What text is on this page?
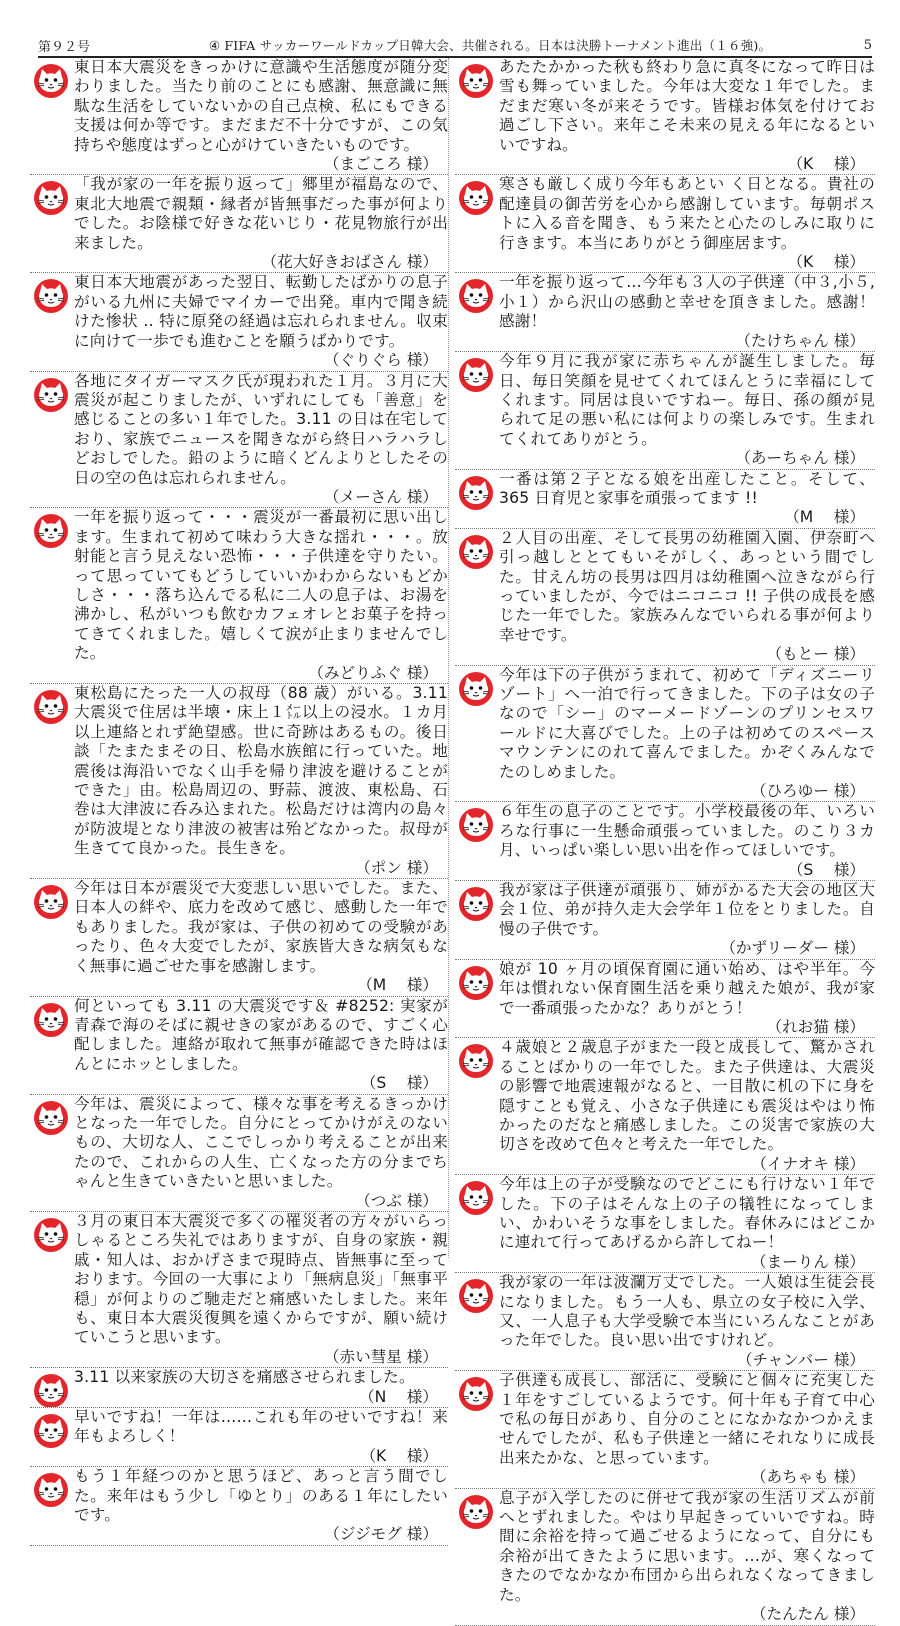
第９２号	④ FIFA サッカーワールドカップ日韓大会、共催される。日本は決勝トーナメント進出（１６強)。	5

東日本大震災をきっかけに意識や生活態度が随分変わりました。当たり前のことにも感謝、無意識に無駄な生活をしていないかの自己点検、私にもできる支援は何か等です。まだまだ不十分ですが、この気持ちや態度はずっと心がけていきたいものです。

（まごころ 様）

「我が家の一年を振り返って」郷里が福島なので、東北大地震で親類・縁者が皆無事だった事が何よりでした。お陰様で好きな花いじり・花見物旅行が出来ました。

（花大好きおばさん 様）

東日本大地震があった翌日、転勤したばかりの息子がいる九州に夫婦でマイカーで出発。車内で聞き続けた惨状 .. 特に原発の経過は忘れられません。収束に向けて一歩でも進むことを願うばかりです。

（ぐりぐら 様）

各地にタイガーマスク氏が現われた１月。３月に大震災が起こりましたが、いずれにしても「善意」を感じることの多い１年でした。3.11 の日は在宅しており、家族でニュースを聞きながら終日ハラハラしどおしでした。鉛のように暗くどんよりとしたその日の空の色は忘れられません。

（メーさん 様）

一年を振り返って・・・震災が一番最初に思い出します。生まれて初めて味わう大きな揺れ・・・。放射能と言う見えない恐怖・・・子供達を守りたい。って思っていてもどうしていいかわからないもどかしさ・・・落ち込んでる私に二人の息子は、お湯を沸かし、私がいつも飲むカフェオレとお菓子を持ってきてくれました。嬉しくて涙が止まりませんでした。

（みどりふぐ 様）

東松島にたった一人の叔母（88 歳）がいる。3.11 大震災で住居は半壊・床上１㍍以上の浸水。１カ月以上連絡とれず絶望感。世に奇跡はあるもの。後日談「たまたまその日、松島水族館に行っていた。地震後は海沿いでなく山手を帰り津波を避けることができた」由。松島周辺の、野蒜、渡波、東松島、石巻は大津波に呑み込まれた。松島だけは湾内の島々が防波堤となり津波の被害は殆どなかった。叔母が生きてて良かった。長生きを。

（ポン 様）

今年は日本が震災で大変悲しい思いでした。また、日本人の絆や、底力を改めて感じ、感動した一年でもありました。我が家は、子供の初めての受験があったり、色々大変でしたが、家族皆大きな病気もなく無事に過ごせた事を感謝します。

（M　 様）

何といっても 3.11 の大震災です＆ #8252: 実家が青森で海のそばに親せきの家があるので、すごく心配しました。連絡が取れて無事が確認できた時はほんとにホッとしました。

（S　 様）

今年は、震災によって、様々な事を考えるきっかけとなった一年でした。自分にとってかけがえのないもの、大切な人、ここでしっかり考えることが出来たので、これからの人生、亡くなった方の分までちゃんと生きていきたいと思いました。

（つぶ 様）

３月の東日本大震災で多くの罹災者の方々がいらっしゃるところ失礼ではありますが、自身の家族・親戚・知人は、おかげさまで現時点、皆無事に至っております。今回の一大事により「無病息災」「無事平穏」が何よりのご馳走だと痛感いたしました。来年も、東日本大震災復興を遠くからですが、願い続けていこうと思います。

（赤い彗星 様）

3.11 以来家族の大切さを痛感させられました。

（N　 様）

早いですね！一年は……これも年のせいですね！来年もよろしく！

（K　 様）

もう１年経つのかと思うほど、あっと言う間でした。来年はもう少し「ゆとり」のある１年にしたいです。

（ジジモグ 様）

あたたかかった秋も終わり急に真冬になって昨日は雪も舞っていました。今年は大変な１年でした。まだまだ寒い冬が来そうです。皆様お体気を付けてお過ごし下さい。来年こそ未来の見える年になるといいですね。

（K　 様）

寒さも厳しく成り今年もあとい く日となる。貴社の配達員の御苦労を心から感謝しています。毎朝ポストに入る音を聞き、もう来たと心たのしみに取りに行きます。本当にありがとう御座居ます。

（K　 様）

一年を振り返って…今年も３人の子供達（中３,小５,小１）から沢山の感動と幸せを頂きました。感謝！感謝！

（たけちゃん 様）

今年９月に我が家に赤ちゃんが誕生しました。毎日、毎日笑顔を見せてくれてほんとうに幸福にしてくれます。同居は良いですねー。毎日、孫の顔が見られて足の悪い私には何よりの楽しみです。生まれてくれてありがとう。

（あーちゃん 様）

一番は第２子となる娘を出産したこと。そして、365 日育児と家事を頑張ってます !!

（M　 様）

２人目の出産、そして長男の幼稚園入園、伊奈町へ引っ越しととてもいそがしく、あっという間でした。甘えん坊の長男は四月は幼稚園へ泣きながら行っていましたが、今ではニコニコ !! 子供の成長を感じた一年でした。家族みんなでいられる事が何より幸せです。

（もとー 様）

今年は下の子供がうまれて、初めて「ディズニーリゾート」へ一泊で行ってきました。下の子は女の子なので「シー」のマーメードゾーンのプリンセスワールドに大喜びでした。上の子は初めてのスペースマウンテンにのれて喜んでました。かぞくみんなでたのしめました。

（ひろゆー 様）

６年生の息子のことです。小学校最後の年、いろいろな行事に一生懸命頑張っていました。のこり３カ月、いっぱい楽しい思い出を作ってほしいです。

（S　 様）

我が家は子供達が頑張り、姉がかるた大会の地区大会１位、弟が持久走大会学年１位をとりました。自慢の子供です。

（かずリーダー 様）

娘が 10 ヶ月の頃保育園に通い始め、はや半年。今年は慣れない保育園生活を乗り越えた娘が、我が家で一番頑張ったかな？ありがとう！

（れお猫 様）

４歳娘と２歳息子がまた一段と成長して、驚かされることばかりの一年でした。また子供達は、大震災の影響で地震速報がなると、一目散に机の下に身を隠すことも覚え、小さな子供達にも震災はやはり怖かったのだなと痛感しました。この災害で家族の大切さを改めて色々と考えた一年でした。

（イナオキ 様）

今年は上の子が受験なのでどこにも行けない１年でした。下の子はそんな上の子の犠牲になってしまい、かわいそうな事をしました。春休みにはどこかに連れて行ってあげるから許してねー！

（まーりん 様）

我が家の一年は波瀾万丈でした。一人娘は生徒会長になりました。もう一人も、県立の女子校に入学、又、一人息子も大学受験で本当にいろんなことがあった年でした。良い思い出ですけれど。

（チャンバー 様）

子供達も成長し、部活に、受験にと個々に充実した１年をすごしているようです。何十年も子育て中心で私の毎日があり、自分のことになかなかつかえませんでしたが、私も子供達と一緒にそれなりに成長出来たかな、と思っています。

（あちゃも 様）

息子が入学したのに併せて我が家の生活リズムが前へとずれました。やはり早起きっていいですね。時間に余裕を持って過ごせるようになって、自分にも余裕が出てきたように思います。…が、寒くなってきたのでなかなか布団から出られなくなってきました。

（たんたん 様）
